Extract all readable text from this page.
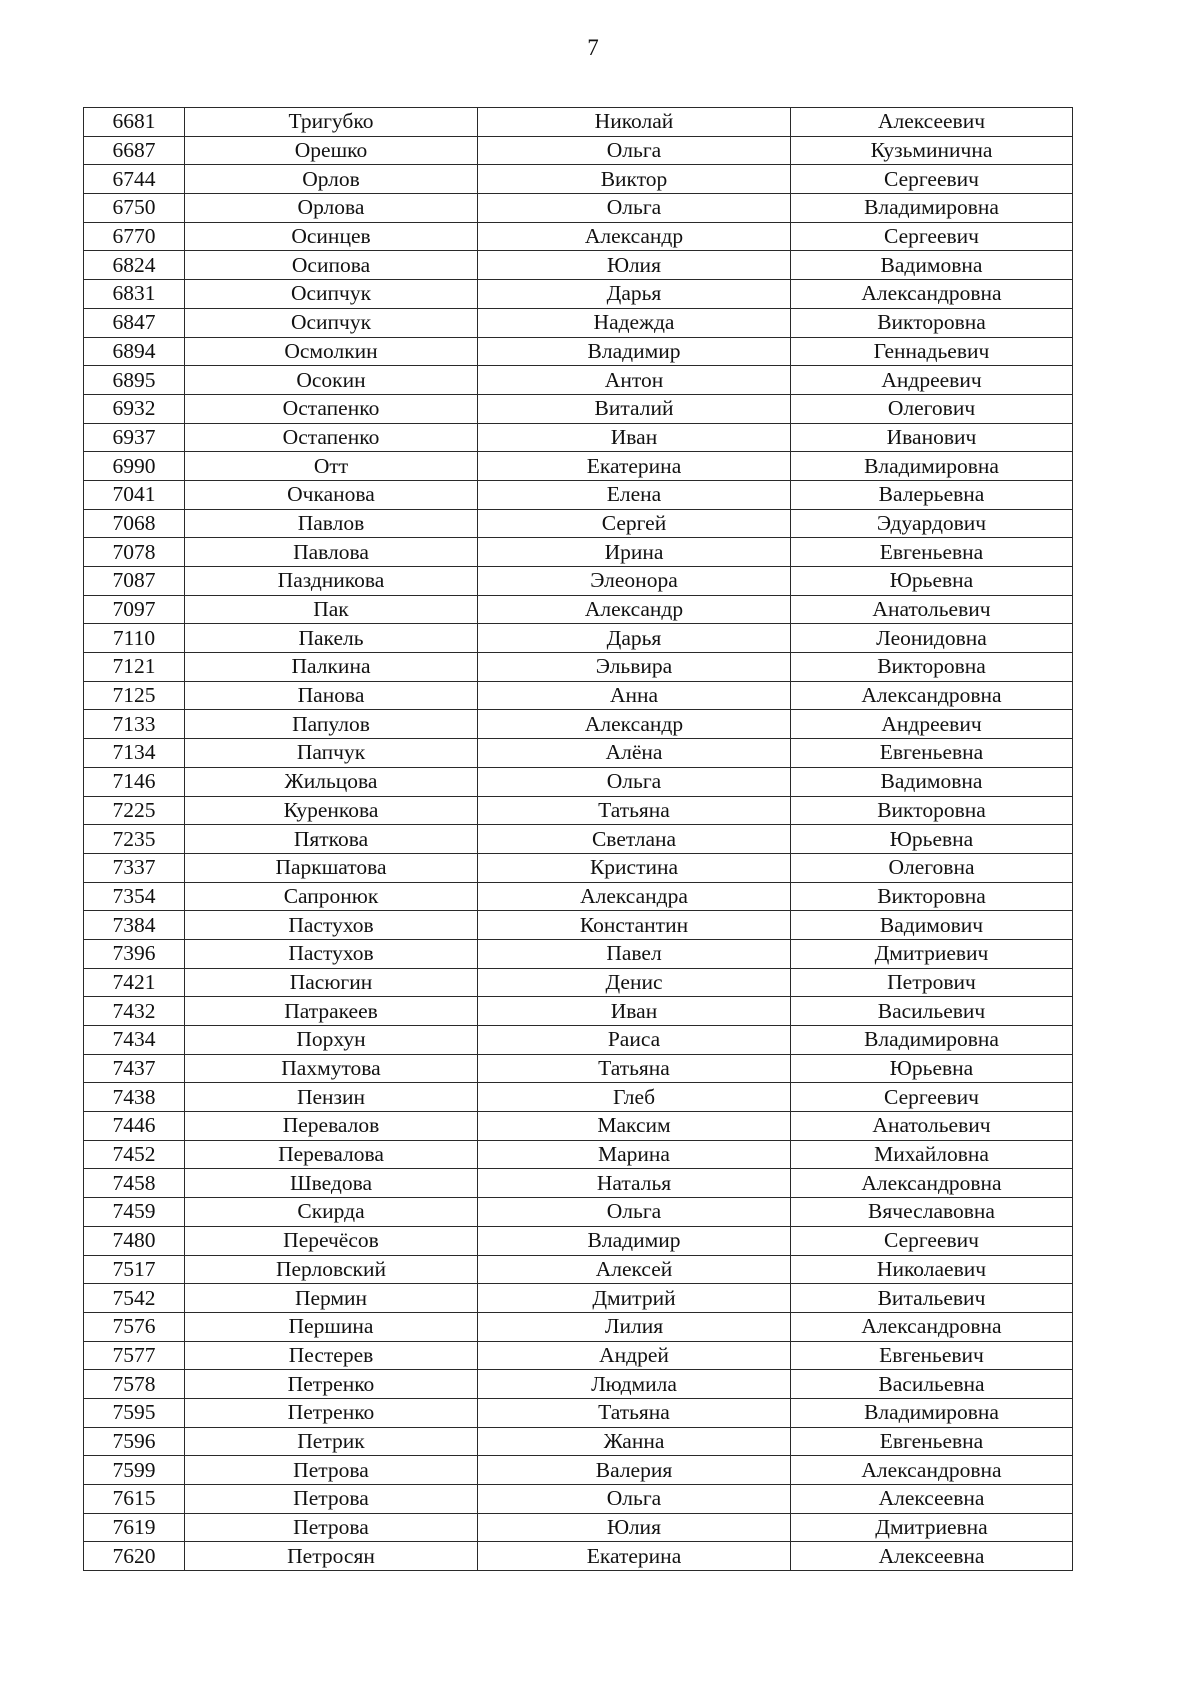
7
6681	Тригубко	Николай	Алексеевич
6687	Орешко	Ольга	Кузьминична
6744	Орлов	Виктор	Сергеевич
6750	Орлова	Ольга	Владимировна
6770	Осинцев	Александр	Сергеевич
6824	Осипова	Юлия	Вадимовна
6831	Осипчук	Дарья	Александровна
6847	Осипчук	Надежда	Викторовна
6894	Осмолкин	Владимир	Геннадьевич
6895	Осокин	Антон	Андреевич
6932	Остапенко	Виталий	Олегович
6937	Остапенко	Иван	Иванович
6990	Отт	Екатерина	Владимировна
7041	Очканова	Елена	Валерьевна
7068	Павлов	Сергей	Эдуардович
7078	Павлова	Ирина	Евгеньевна
7087	Паздникова	Элеонора	Юрьевна
7097	Пак	Александр	Анатольевич
7110	Пакель	Дарья	Леонидовна
7121	Палкина	Эльвира	Викторовна
7125	Панова	Анна	Александровна
7133	Папулов	Александр	Андреевич
7134	Папчук	Алёна	Евгеньевна
7146	Жильцова	Ольга	Вадимовна
7225	Куренкова	Татьяна	Викторовна
7235	Пяткова	Светлана	Юрьевна
7337	Паркшатова	Кристина	Олеговна
7354	Сапронюк	Александра	Викторовна
7384	Пастухов	Константин	Вадимович
7396	Пастухов	Павел	Дмитриевич
7421	Пасюгин	Денис	Петрович
7432	Патракеев	Иван	Васильевич
7434	Порхун	Раиса	Владимировна
7437	Пахмутова	Татьяна	Юрьевна
7438	Пензин	Глеб	Сергеевич
7446	Перевалов	Максим	Анатольевич
7452	Перевалова	Марина	Михайловна
7458	Шведова	Наталья	Александровна
7459	Скирда	Ольга	Вячеславовна
7480	Перечёсов	Владимир	Сергеевич
7517	Перловский	Алексей	Николаевич
7542	Пермин	Дмитрий	Витальевич
7576	Першина	Лилия	Александровна
7577	Пестерев	Андрей	Евгеньевич
7578	Петренко	Людмила	Васильевна
7595	Петренко	Татьяна	Владимировна
7596	Петрик	Жанна	Евгеньевна
7599	Петрова	Валерия	Александровна
7615	Петрова	Ольга	Алексеевна
7619	Петрова	Юлия	Дмитриевна
7620	Петросян	Екатерина	Алексеевна
